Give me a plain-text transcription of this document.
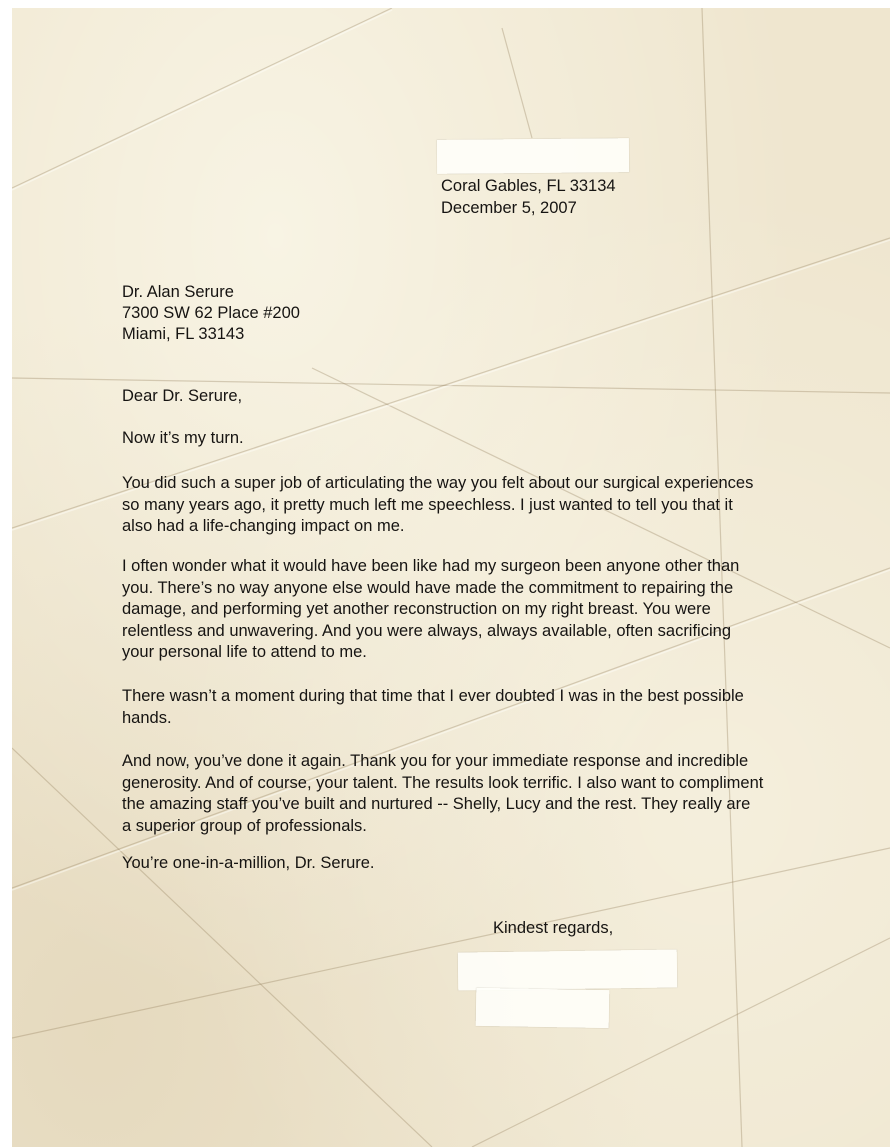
Coral Gables, FL 33134
December 5, 2007
Dr. Alan Serure
7300 SW 62 Place #200
Miami, FL 33143
Dear Dr. Serure,
Now it’s my turn.
You did such a super job of articulating the way you felt about our surgical experiences
so many years ago, it pretty much left me speechless. I just wanted to tell you that it
also had a life-changing impact on me.
I often wonder what it would have been like had my surgeon been anyone other than
you. There’s no way anyone else would have made the commitment to repairing the
damage, and performing yet another reconstruction on my right breast. You were
relentless and unwavering. And you were always, always available, often sacrificing
your personal life to attend to me.
There wasn’t a moment during that time that I ever doubted I was in the best possible
hands.
And now, you’ve done it again. Thank you for your immediate response and incredible
generosity. And of course, your talent. The results look terrific. I also want to compliment
the amazing staff you’ve built and nurtured -- Shelly, Lucy and the rest. They really are
a superior group of professionals.
You’re one-in-a-million, Dr. Serure.
Kindest regards,
